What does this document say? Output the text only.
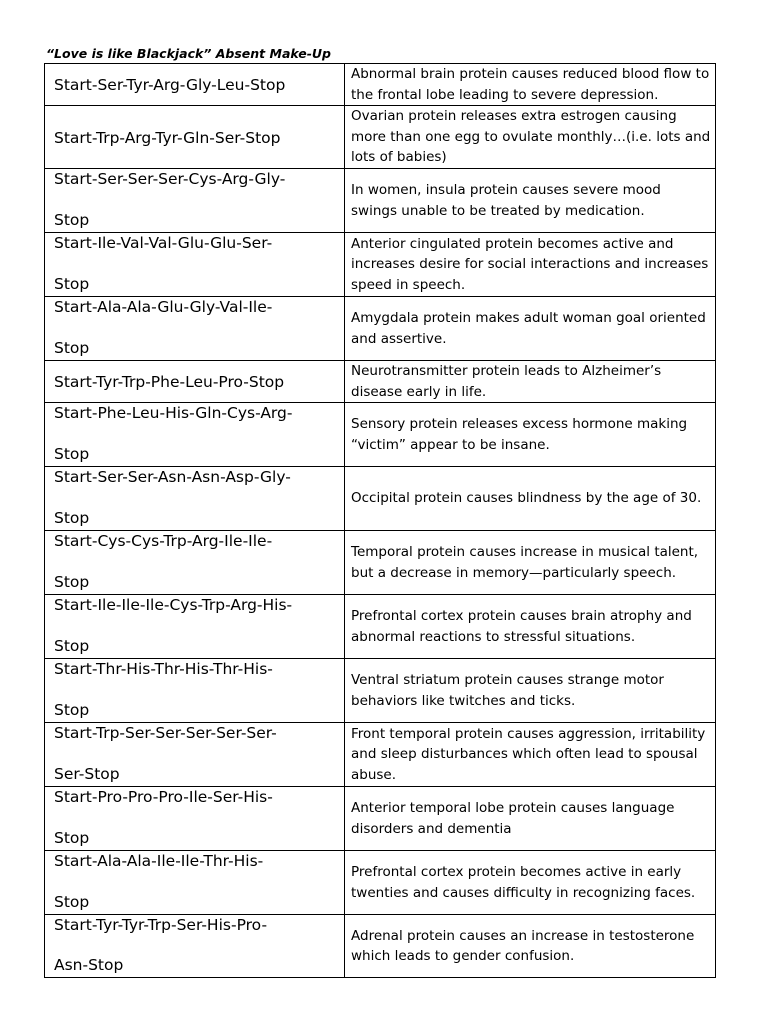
“Love is like Blackjack” Absent Make-Up
Start-Ser-Tyr-Arg-Gly-Leu-Stop	Abnormal brain protein causes reduced blood flow to the frontal lobe leading to severe depression.
Start-Trp-Arg-Tyr-Gln-Ser-Stop	Ovarian protein releases extra estrogen causing more than one egg to ovulate monthly…(i.e. lots and lots of babies)

Start-Ser-Ser-Ser-Cys-Arg-Gly-
Stop	In women, insula protein causes severe mood swings unable to be treated by medication.

Start-Ile-Val-Val-Glu-Glu-Ser-
Stop	Anterior cingulated protein becomes active and increases desire for social interactions and increases speed in speech.

Start-Ala-Ala-Glu-Gly-Val-Ile-
Stop	Amygdala protein makes adult woman goal oriented and assertive.
Start-Tyr-Trp-Phe-Leu-Pro-Stop	Neurotransmitter protein leads to Alzheimer’s disease early in life.

Start-Phe-Leu-His-Gln-Cys-Arg-
Stop	Sensory protein releases excess hormone making “victim” appear to be insane.

Start-Ser-Ser-Asn-Asn-Asp-Gly-
Stop	Occipital protein causes blindness by the age of 30.

Start-Cys-Cys-Trp-Arg-Ile-Ile-
Stop	Temporal protein causes increase in musical talent, but a decrease in memory—particularly speech.

Start-Ile-Ile-Ile-Cys-Trp-Arg-His-
Stop	Prefrontal cortex protein causes brain atrophy and abnormal reactions to stressful situations.

Start-Thr-His-Thr-His-Thr-His-
Stop	Ventral striatum protein causes strange motor behaviors like twitches and ticks.

Start-Trp-Ser-Ser-Ser-Ser-Ser-
Ser-Stop	Front temporal protein causes aggression, irritability and sleep disturbances which often lead to spousal abuse.

Start-Pro-Pro-Pro-Ile-Ser-His-
Stop	Anterior temporal lobe protein causes language disorders and dementia

Start-Ala-Ala-Ile-Ile-Thr-His-
Stop	Prefrontal cortex protein becomes active in early twenties and causes difficulty in recognizing faces.

Start-Tyr-Tyr-Trp-Ser-His-Pro-
Asn-Stop	Adrenal protein causes an increase in testosterone which leads to gender confusion.
